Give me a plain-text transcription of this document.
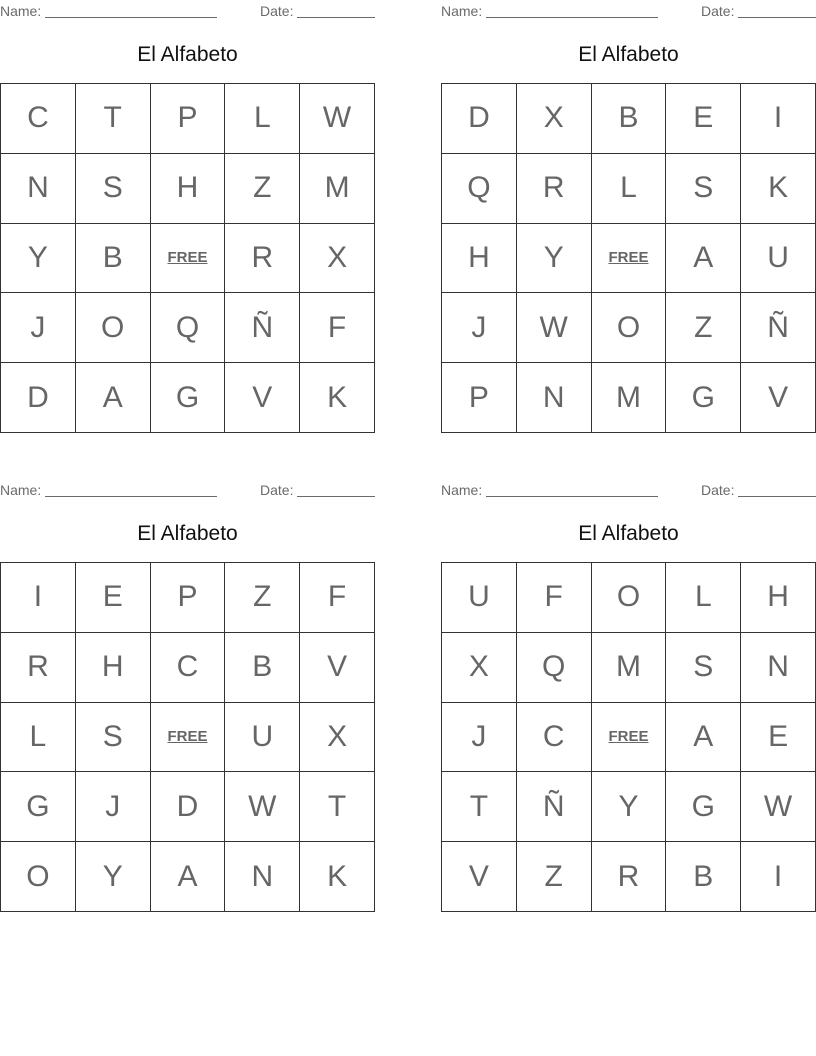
Name:	Date:
El Alfabeto
C	T	P	L	W
N	S	H	Z	M
Y	B	FREE	R	X
J	O	Q	Ñ	F
D	A	G	V	K
Name:	Date:
El Alfabeto
D	X	B	E	I
Q	R	L	S	K
H	Y	FREE	A	U
J	W	O	Z	Ñ
P	N	M	G	V
Name:	Date:
El Alfabeto
I	E	P	Z	F
R	H	C	B	V
L	S	FREE	U	X
G	J	D	W	T
O	Y	A	N	K
Name:	Date:
El Alfabeto
U	F	O	L	H
X	Q	M	S	N
J	C	FREE	A	E
T	Ñ	Y	G	W
V	Z	R	B	I
